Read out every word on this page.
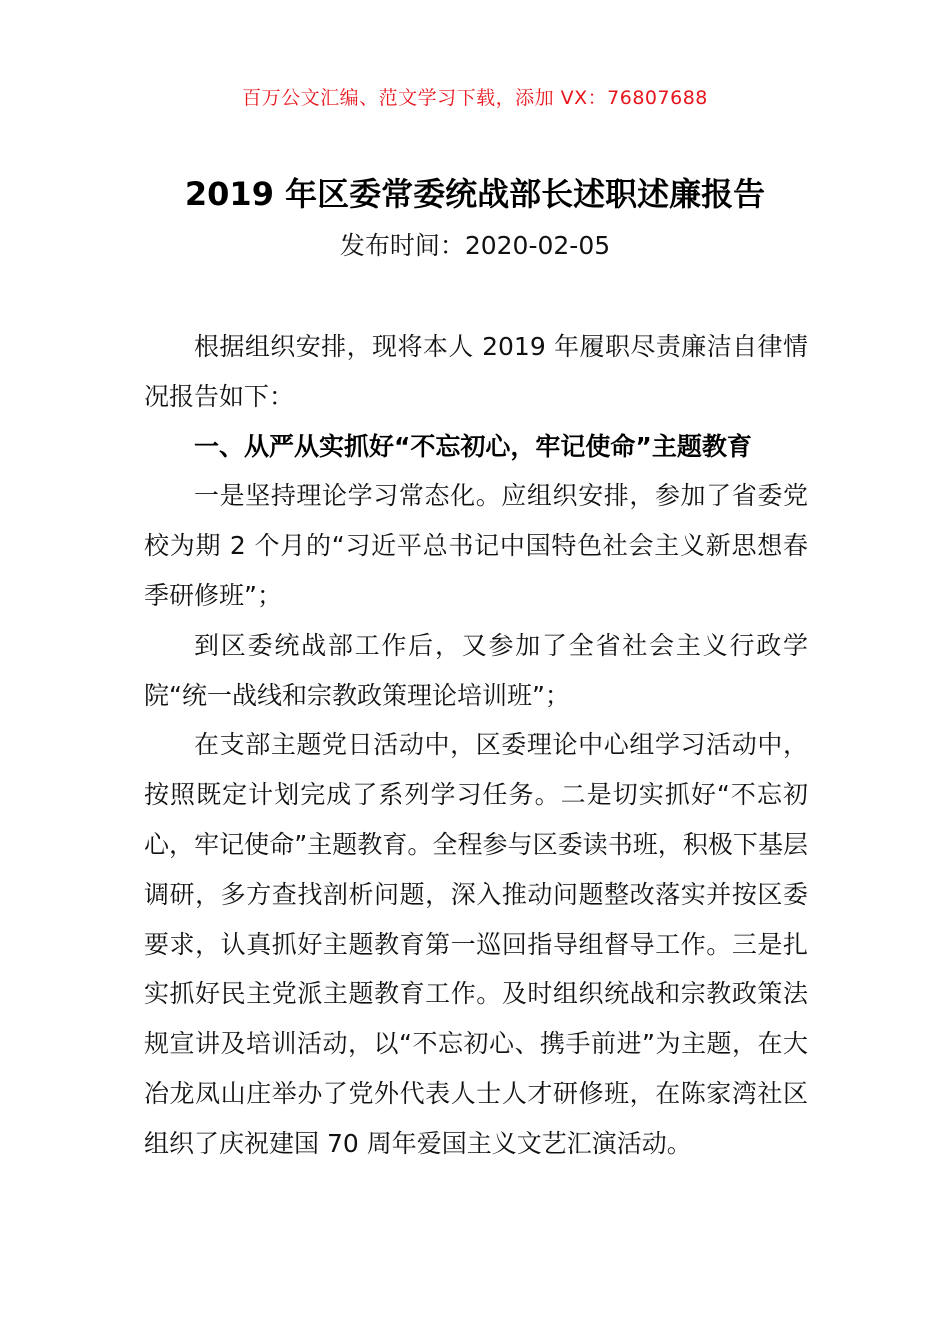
百万公文汇编、范文学习下载，添加 VX：76807688
2019 年区委常委统战部长述职述廉报告
发布时间：2020-02-05

根据组织安排，现将本人 2019 年履职尽责廉洁自律情况报告如下：

一、从严从实抓好“不忘初心，牢记使命”主题教育

一是坚持理论学习常态化。应组织安排，参加了省委党校为期 2 个月的“习近平总书记中国特色社会主义新思想春季研修班”；

到区委统战部工作后，又参加了全省社会主义行政学院“统一战线和宗教政策理论培训班”；

在支部主题党日活动中，区委理论中心组学习活动中，按照既定计划完成了系列学习任务。二是切实抓好“不忘初心，牢记使命”主题教育。全程参与区委读书班，积极下基层调研，多方查找剖析问题，深入推动问题整改落实并按区委要求，认真抓好主题教育第一巡回指导组督导工作。三是扎实抓好民主党派主题教育工作。及时组织统战和宗教政策法规宣讲及培训活动，以“不忘初心、携手前进”为主题，在大冶龙凤山庄举办了党外代表人士人才研修班，在陈家湾社区组织了庆祝建国 70 周年爱国主义文艺汇演活动。
